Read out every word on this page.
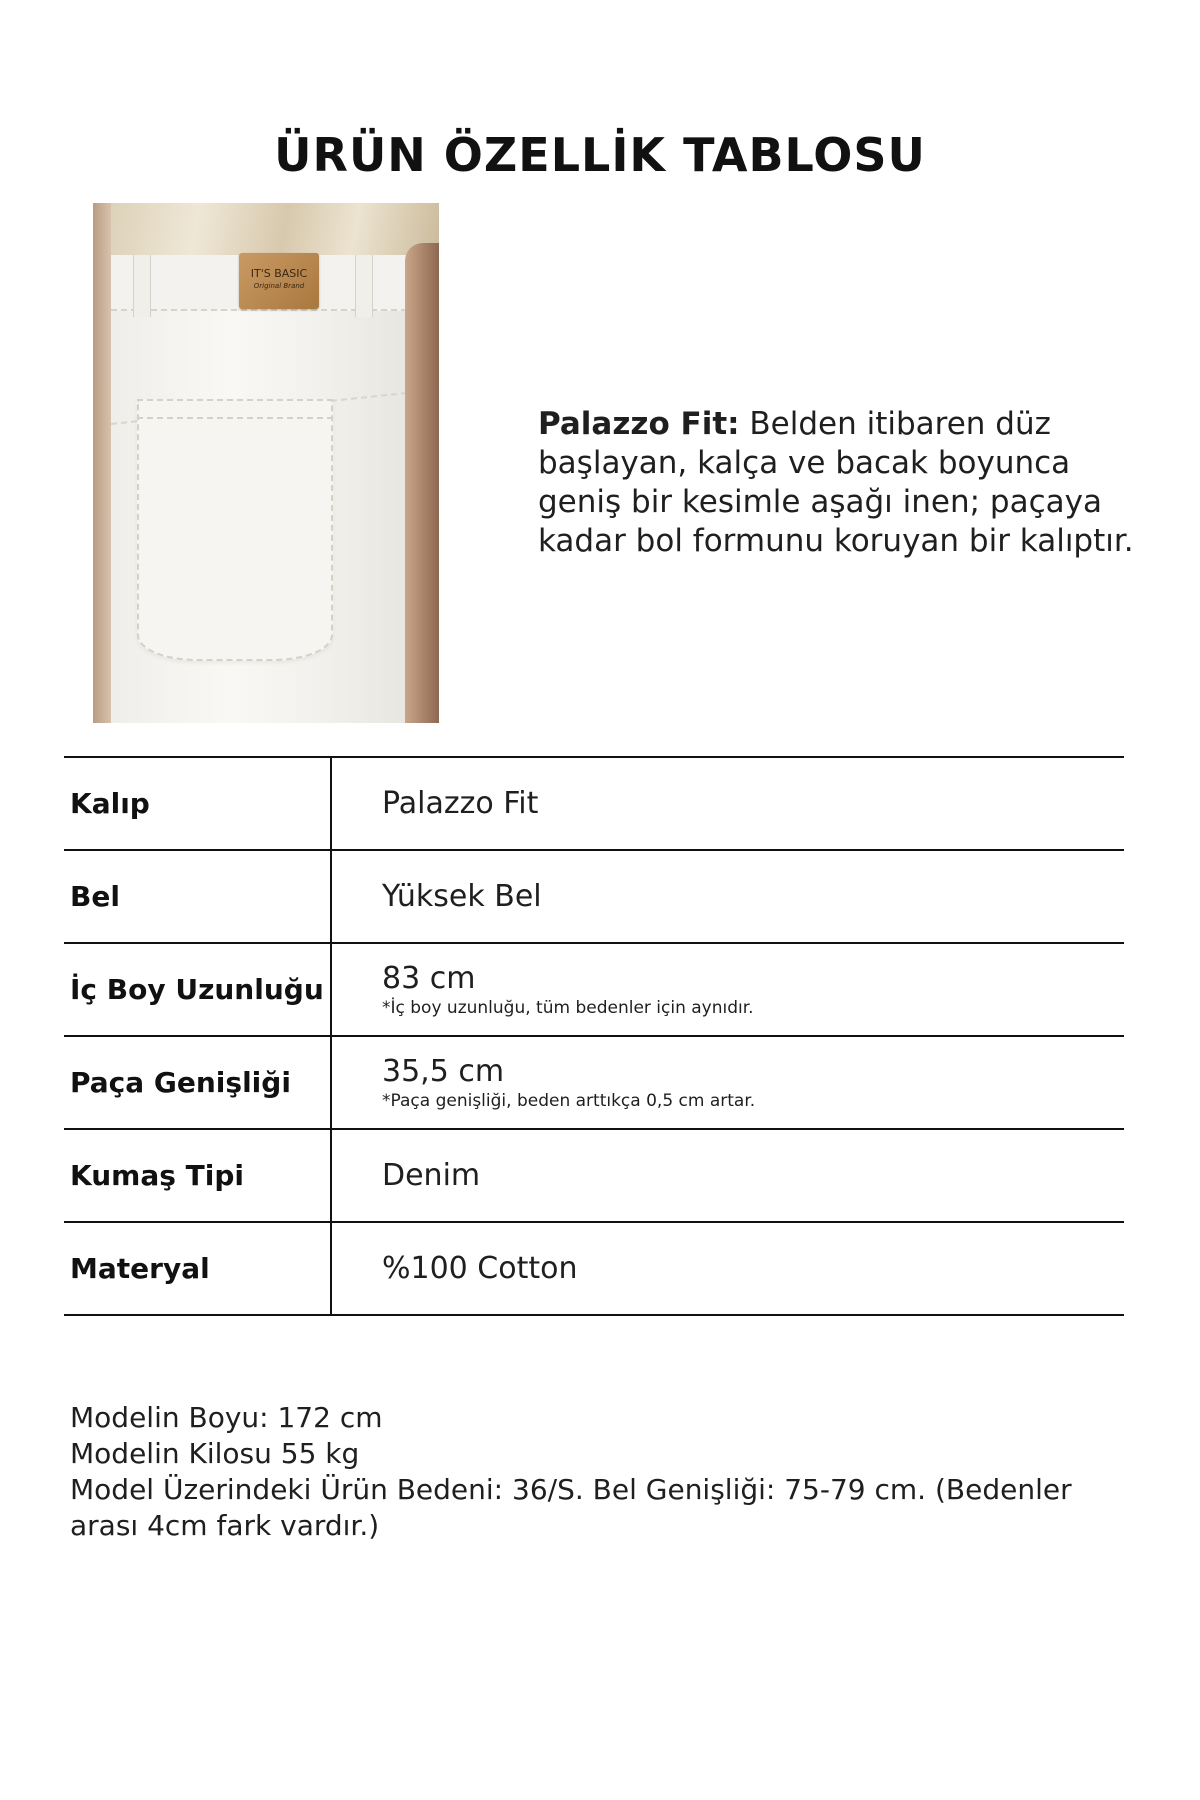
ÜRÜN ÖZELLİK TABLOSU
IT'S BASIC
Original Brand
Palazzo Fit: Belden itibaren düz başlayan, kalça ve bacak boyunca geniş bir kesimle aşağı inen; paçaya kadar bol formunu koruyan bir kalıptır.
Kalıp	Palazzo Fit
Bel	Yüksek Bel
İç Boy Uzunluğu 83 cm
*İç boy uzunluğu, tüm bedenler için aynıdır.
Paça Genişliği	35,5 cm
*Paça genişliği, beden arttıkça 0,5 cm artar.
Kumaş Tipi	Denim
Materyal	%100 Cotton
Modelin Boyu: 172 cm
Modelin Kilosu 55 kg
Model Üzerindeki Ürün Bedeni: 36/S. Bel Genişliği: 75-79 cm. (Bedenler arası 4cm fark vardır.)
